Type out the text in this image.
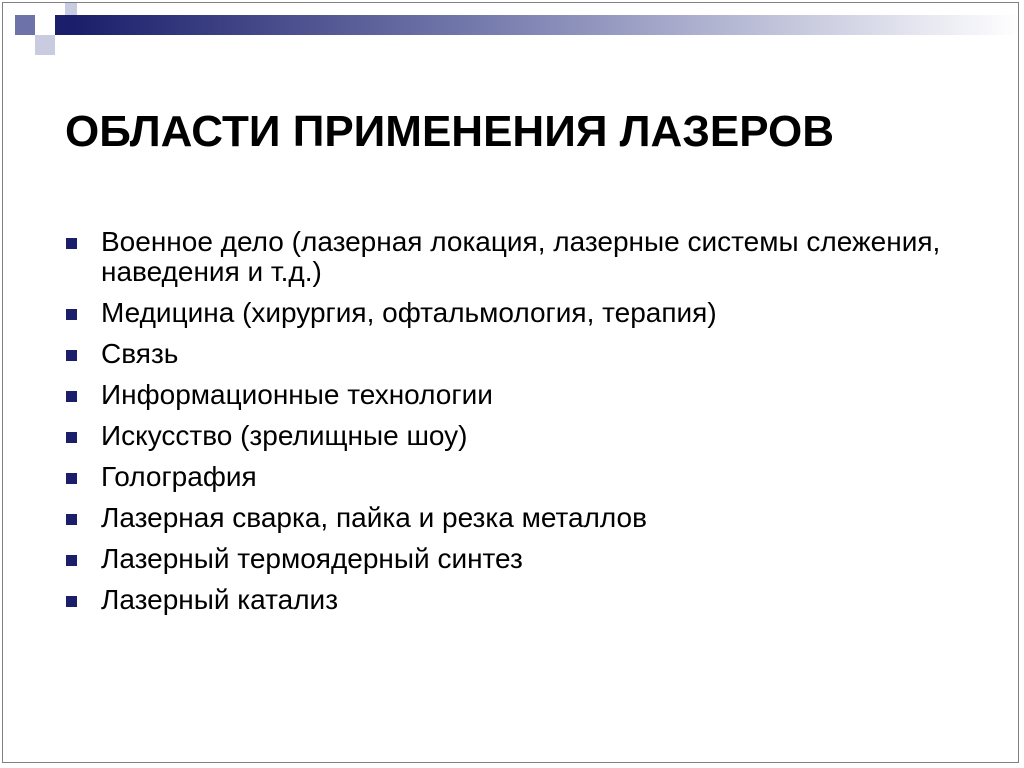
ОБЛАСТИ ПРИМЕНЕНИЯ ЛАЗЕРОВ
Военное дело (лазерная локация, лазерные системы слежения, наведения и т.д.)
Медицина (хирургия, офтальмология, терапия)
Связь
Информационные технологии
Искусство (зрелищные шоу)
Голография
Лазерная сварка, пайка и резка металлов
Лазерный термоядерный синтез
Лазерный катализ
